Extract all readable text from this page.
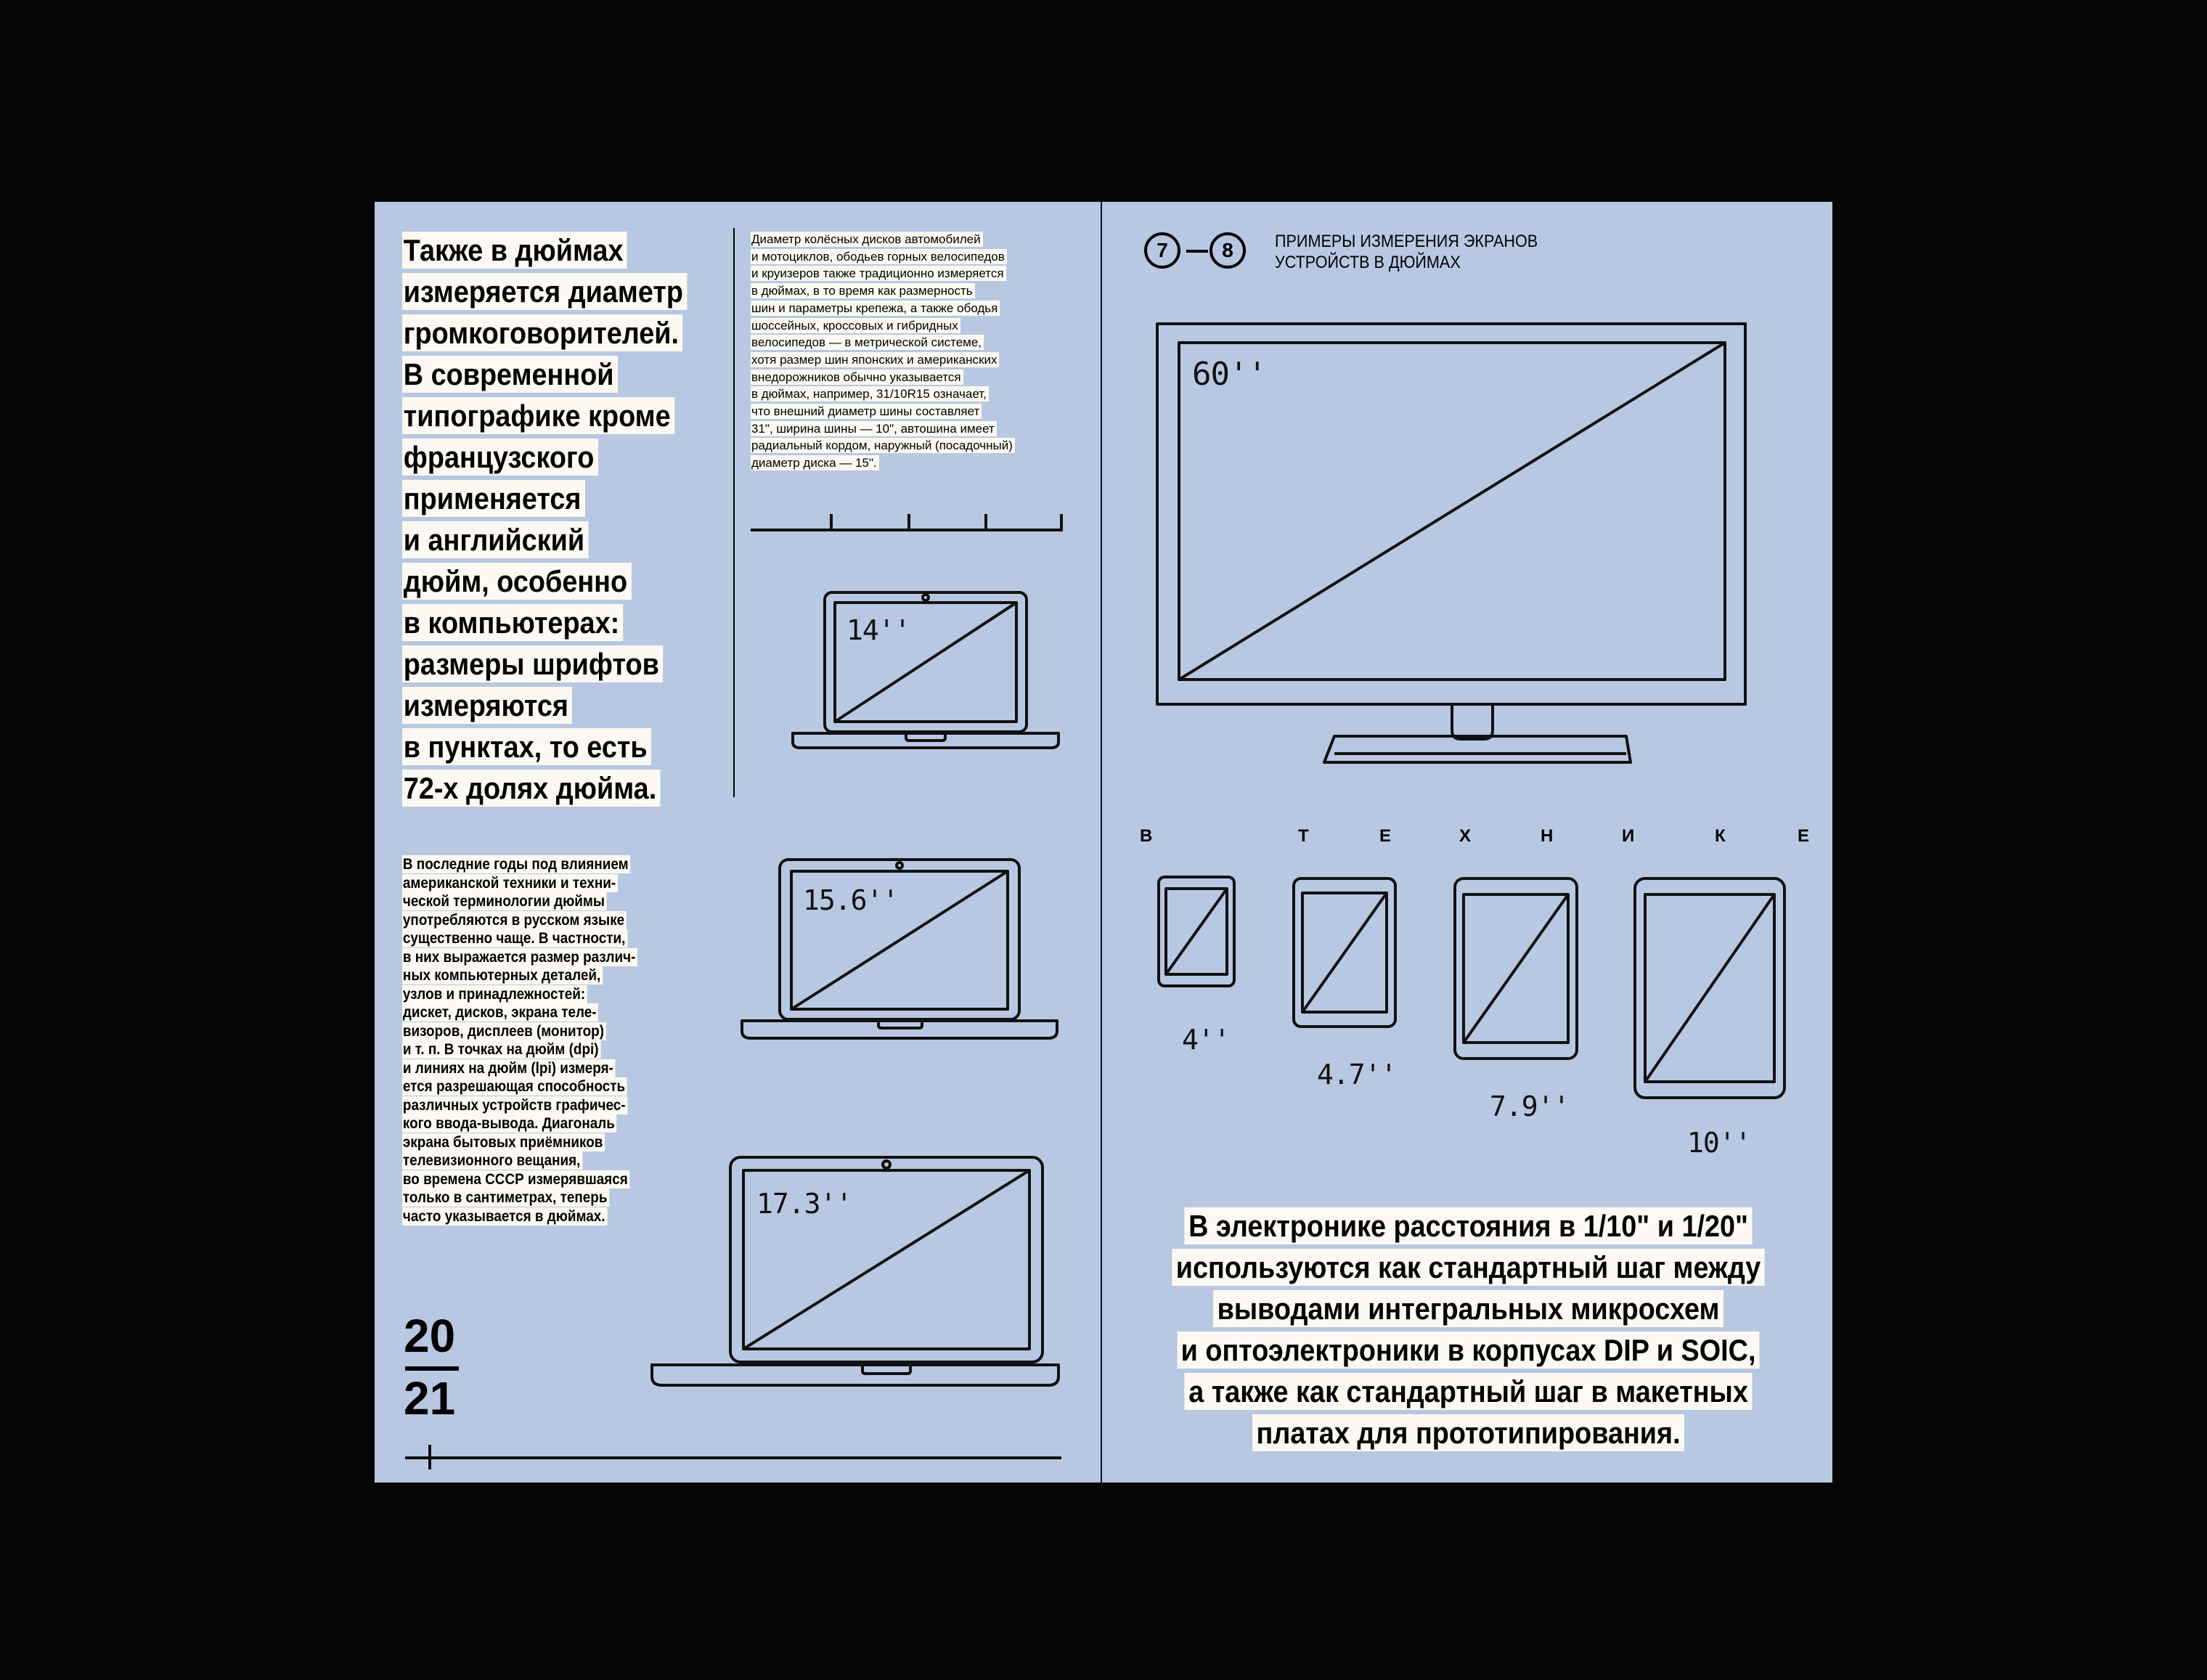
Также в дюймах
измеряется диаметр
громкоговорителей.
В современной
типографике кроме
французского
применяется
и английский
дюйм, особенно
в компьютерах:
размеры шрифтов
измеряются
в пунктах, то есть
72-х долях дюйма.
Диаметр колёсных дисков автомобилей
и мотоциклов, ободьев горных велосипедов
и круизеров также традиционно измеряется
в дюймах, в то время как размерность
шин и параметры крепежа, а также ободья
шоссейных, кроссовых и гибридных
велосипедов — в метрической системе,
хотя размер шин японских и американских
внедорожников обычно указывается
в дюймах, например, 31/10R15 означает,
что внешний диаметр шины составляет
31", ширина шины — 10", автошина имеет
радиальный кордом, наружный (посадочный)
диаметр диска — 15".
В последние годы под влиянием
американской техники и техни-
ческой терминологии дюймы
употребляются в русском языке
существенно чаще. В частности,
в них выражается размер различ-
ных компьютерных деталей,
узлов и принадлежностей:
дискет, дисков, экрана теле-
визоров, дисплеев (монитор)
и т. п. В точках на дюйм (dpi)
и линиях на дюйм (lpi) измеря-
ется разрешающая способность
различных устройств графичес-
кого ввода-вывода. Диагональ
экрана бытовых приёмников
телевизионного вещания,
во времена СССР измерявшаяся
только в сантиметрах, теперь
часто указывается в дюймах.
20
21
14''
15.6''
17.3''
7	8	ПРИМЕРЫ ИЗМЕРЕНИЯ ЭКРАНОВ
УСТРОЙСТВ В ДЮЙМАХ
60''
В	Т	Е	Х	Н	И	К	Е
4''
4.7''
7.9''
10''
В электронике расстояния в 1/10" и 1/20"
используются как стандартный шаг между
выводами интегральных микросхем
и оптоэлектроники в корпусах DIP и SOIC,
а также как стандартный шаг в макетных
платах для прототипирования.
